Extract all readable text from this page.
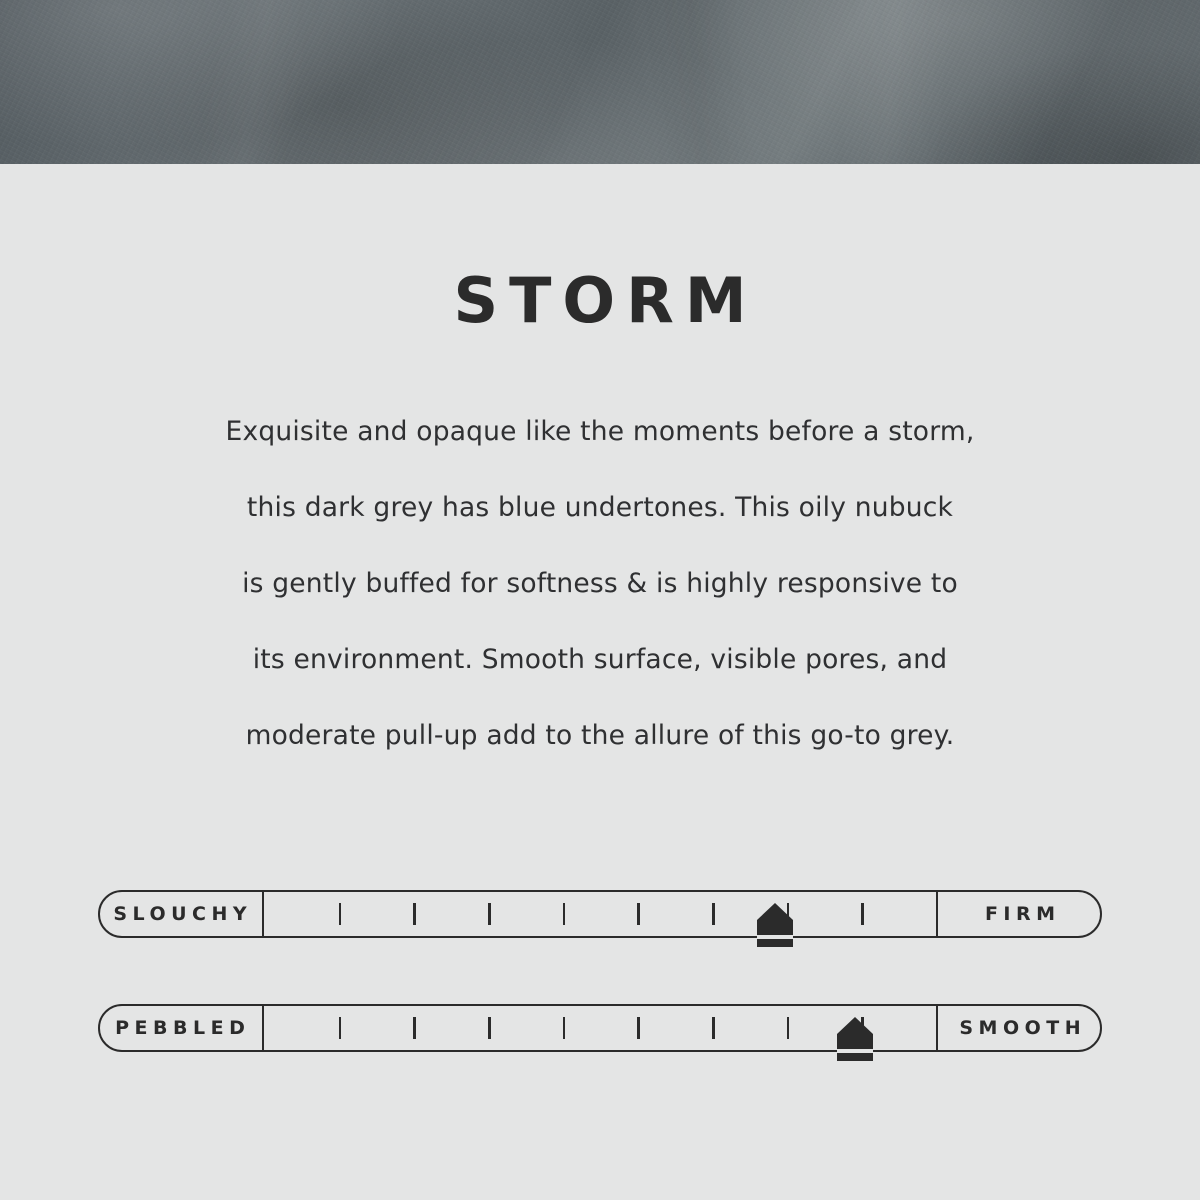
STORM
Exquisite and opaque like the moments before a storm,
this dark grey has blue undertones. This oily nubuck
is gently buffed for softness & is highly responsive to
its environment. Smooth surface, visible pores, and
moderate pull-up add to the allure of this go-to grey.
SLOUCHY	FIRM
PEBBLED	SMOOTH
